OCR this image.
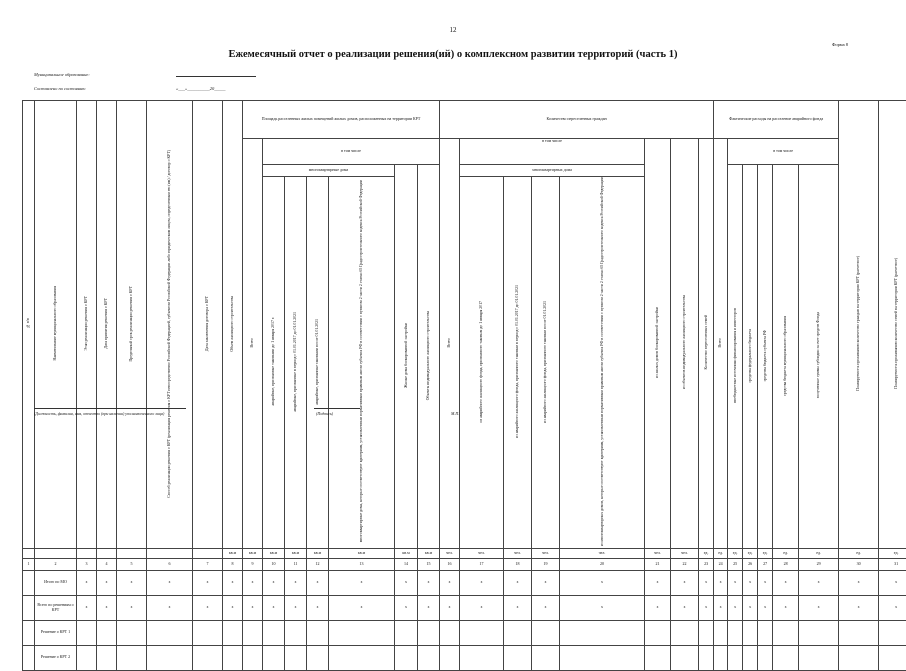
12
Форма 8
Ежемесячный отчет о реализации решения(ий) о комплексном развитии территорий (часть 1)
Муниципальное образование:
Составлено по состоянию	«___»__________20_____
№ п/п	Наименование муниципального образования	Этап реализации решения о КРТ	Дата принятия решения о КРТ	Предельный срок реализации решения о КРТ	Способ реализации решения о КРТ (реализация решения о КРТ непосредственно Российской Федерацией, субъектом Российской Федерации либо юридическим лицом, определенным ею (им) / договор о КРТ)	Дата заключения договора о КРТ	Объем жилищного строительства	Площадь расселенных жилых помещений жилых домов, расположенных на территории КРТ							Количество переселенных граждан								Фактические расходы на расселение аварийного фонда						Планируемое к проживанию количество граждан на территории КРТ (расчетное)	Планируемое к проживанию количество семей на территории КРТ (расчетное)
								Всего	в том числе						Всего	в том числе				из жилых домов блокированной застройки	из объектов индивидуального жилищного строительства	Количество переселенных семей	Всего	в том числе						
									многоквартирные дома				Жилые дома блокированной застройки	Объекты индивидуального жилищного строительства		многоквартирных дома								внебюджетные источники финансирования и инвесторов	средства федерального бюджета	средства бюджета субъекта РФ	средства бюджета муниципального образования	полученные суммы субсидии за счет средств Фонда		
									аварийные, признанные таковыми до 1 января 2017 г.	аварийные, признанные в период с 01.01.2017 до 01.01.2021	аварийные, признанные таковыми после 01.01.2021	многоквартирные дома, которые соответствуют критериям, установленным нормативным правовым актом субъекта РФ в соответствии с пунктом 2 части 2 статьи 65 Градостроительного кодекса Российской Федерации				из аварийного жилищного фонда, признанного таковым до 1 января 2017	из аварийного жилищного фонда, признанного таковым в период с 01.01.2017 до 01.01.2021	из аварийного жилищного фонда, признанного таковым после 01.01.2021	из многоквартирных домов, которые соответствуют критериям, установленным нормативным правовым актом субъекта РФ в соответствии с пунктом 2 части 2 статьи 65 Градостроительного кодекса Российской Федерации											
							кв.м	кв.м	кв.м	кв.м	кв.м	кв.м	кв.м	кв.м	чел.	чел.	чел.	чел.	чел.	чел.	чел.	ед.	ед.	ед.	ед.	ед.	ед.	ед.	ед.	ед.
1	2	3	4	5	6	7	8	9	10	11	12	13	14	15	16	17	18	19	20	21	22	23	24	25	26	27	28	29	30	31
	Итого по МО	x	x	x	x	x	x	x	x	x	x	x	x	x	x	x	x	x	x	x	x	x	x	x	x	x	x	x	x	x
	Всего по решениям о КРТ	x	x	x	x	x	x	x	x	x	x	x	x	x	x	x	x	x	x	x	x	x	x	x	x	x	x	x	x	x
	Решение о КРТ 1																													
	Решение о КРТ 2																													
(Должность, фамилия, имя, отчество (при наличии) уполномоченного лица)	(Подпись)	М.П.
